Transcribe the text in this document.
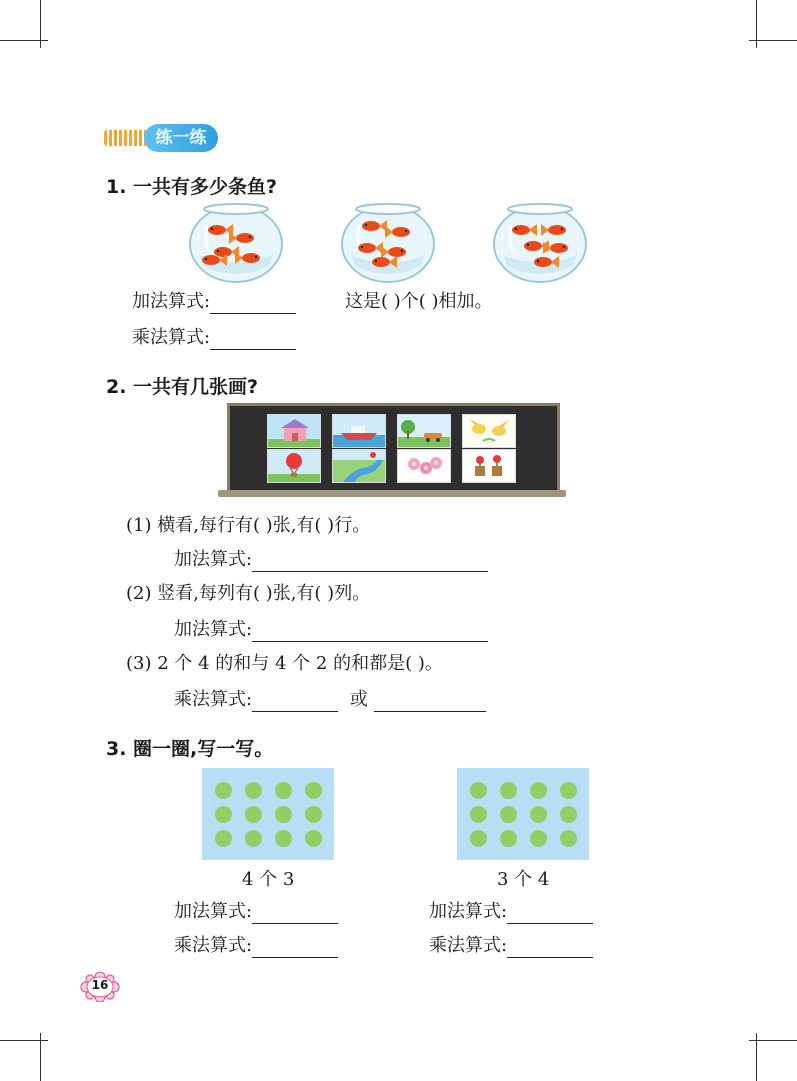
练一练
1. 一共有多少条鱼?
加法算式:	这是( )个( )相加。
乘法算式:
2. 一共有几张画?
(1) 横看,每行有( )张,有( )行。
加法算式:
(2) 竖看,每列有( )张,有( )列。
加法算式:
(3) 2 个 4 的和与 4 个 2 的和都是( )。
乘法算式:	或
3. 圈一圈,写一写。
4 个 3	3 个 4
加法算式:
乘法算式:
加法算式:
乘法算式:
16
